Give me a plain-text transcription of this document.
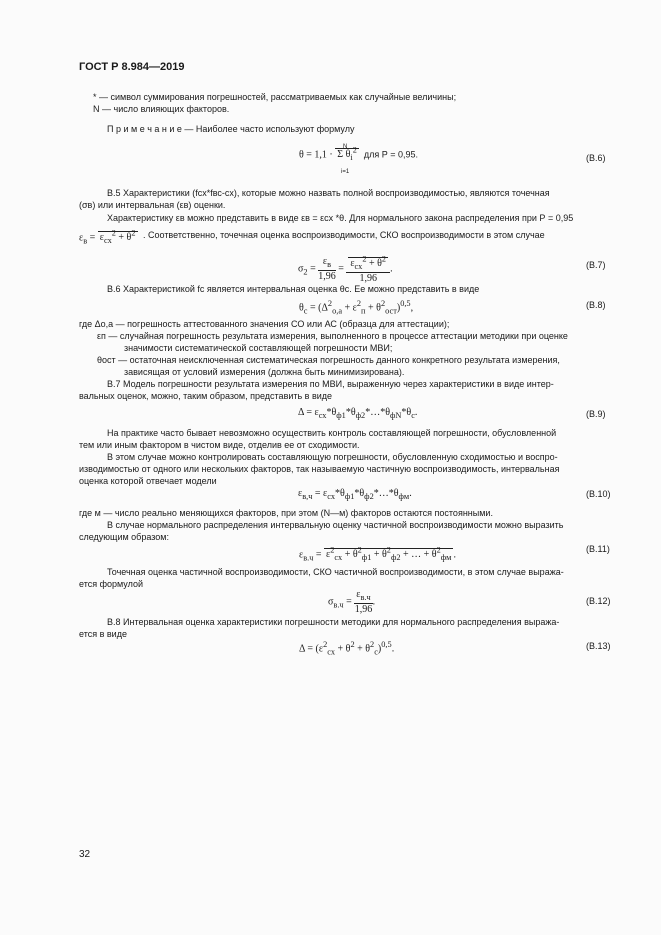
ГОСТ Р 8.984—2019
* — символ суммирования погрешностей, рассматриваемых как случайные величины;
N — число влияющих факторов.
П р и м е ч а н и е — Наиболее часто используют формулу
θ = 1,1 · Σ $\theta_i^2$ для Р = 0,95.
N
i=1
(В.6)
В.5 Характеристики (fсх*fвс-сх), которые можно назвать полной воспроизводимостью, являются точечная
(σв) или интервальная (εв) оценки.
Характеристику εв можно представить в виде εв = εсх *θ. Для нормального закона распределения при Р = 0,95
$\varepsilon_в = \varepsilon_{сх}^2 + \theta^2$ . Соответственно, точечная оценка воспроизводимости, СКО воспроизводимости в этом случае
$\sigma_2 = \frac{\varepsilon_в}{1,96} = \frac{\varepsilon_{сх}^2 + \theta^2}{1,96}$ .	(В.7)
В.6 Характеристикой fс является интервальная оценка θс. Ее можно представить в виде
$\theta_с = (\Delta^2_{о,а} + \varepsilon^2_п + \theta^2_{ост})^{0,5}$,	(В.8)
где Δо,а — погрешность аттестованного значения СО или АС (образца для аттестации);
εп — случайная погрешность результата измерения, выполненного в процессе аттестации методики при оценке
значимости систематической составляющей погрешности МВИ;
θост — остаточная неисключенная систематическая погрешность данного конкретного результата измерения,
зависящая от условий измерения (должна быть минимизирована).
В.7 Модель погрешности результата измерения по МВИ, выраженную через характеристики в виде интер-
вальных оценок, можно, таким образом, представить в виде
$\Delta = \varepsilon_{сх}*\theta_{ф1}*\theta_{ф2}*\dots*\theta_{фN}*\theta_с$.	(В.9)
На практике часто бывает невозможно осуществить контроль составляющей погрешности, обусловленной
тем или иным фактором в чистом виде, отделив ее от сходимости.
В этом случае можно контролировать составляющую погрешности, обусловленную сходимостью и воспро-
изводимостью от одного или нескольких факторов, так называемую частичную воспроизводимость, интервальная
оценка которой отвечает модели
$\varepsilon_{в,ч}$ = $\varepsilon_{сх}*\theta_{ф1}*\theta_{ф2}*\dots*\theta_{фм}$.	(В.10)
где м — число реально меняющихся факторов, при этом (N—м) факторов остаются постоянными.
В случае нормального распределения интервальную оценку частичной воспроизводимости можно выразить
следующим образом:
$\varepsilon_{в.ч} = \varepsilon^2_{сх} + \theta^2_{ф1} + \theta^2_{ф2}$ + … + $\theta^2_{фм}$ .
(В.11)
Точечная оценка частичной воспроизводимости, СКО частичной воспроизводимости, в этом случае выража-
ется формулой
$\sigma_{в.ч} = \frac{\varepsilon_{в.ч}}{1,96}$ .	(В.12)
В.8 Интервальная оценка характеристики погрешности методики для нормального распределения выража-
ется в виде
$\Delta = (\varepsilon^2_{сх} + \theta^2 + \theta^2_с)^{0,5}$.	(В.13)
32
